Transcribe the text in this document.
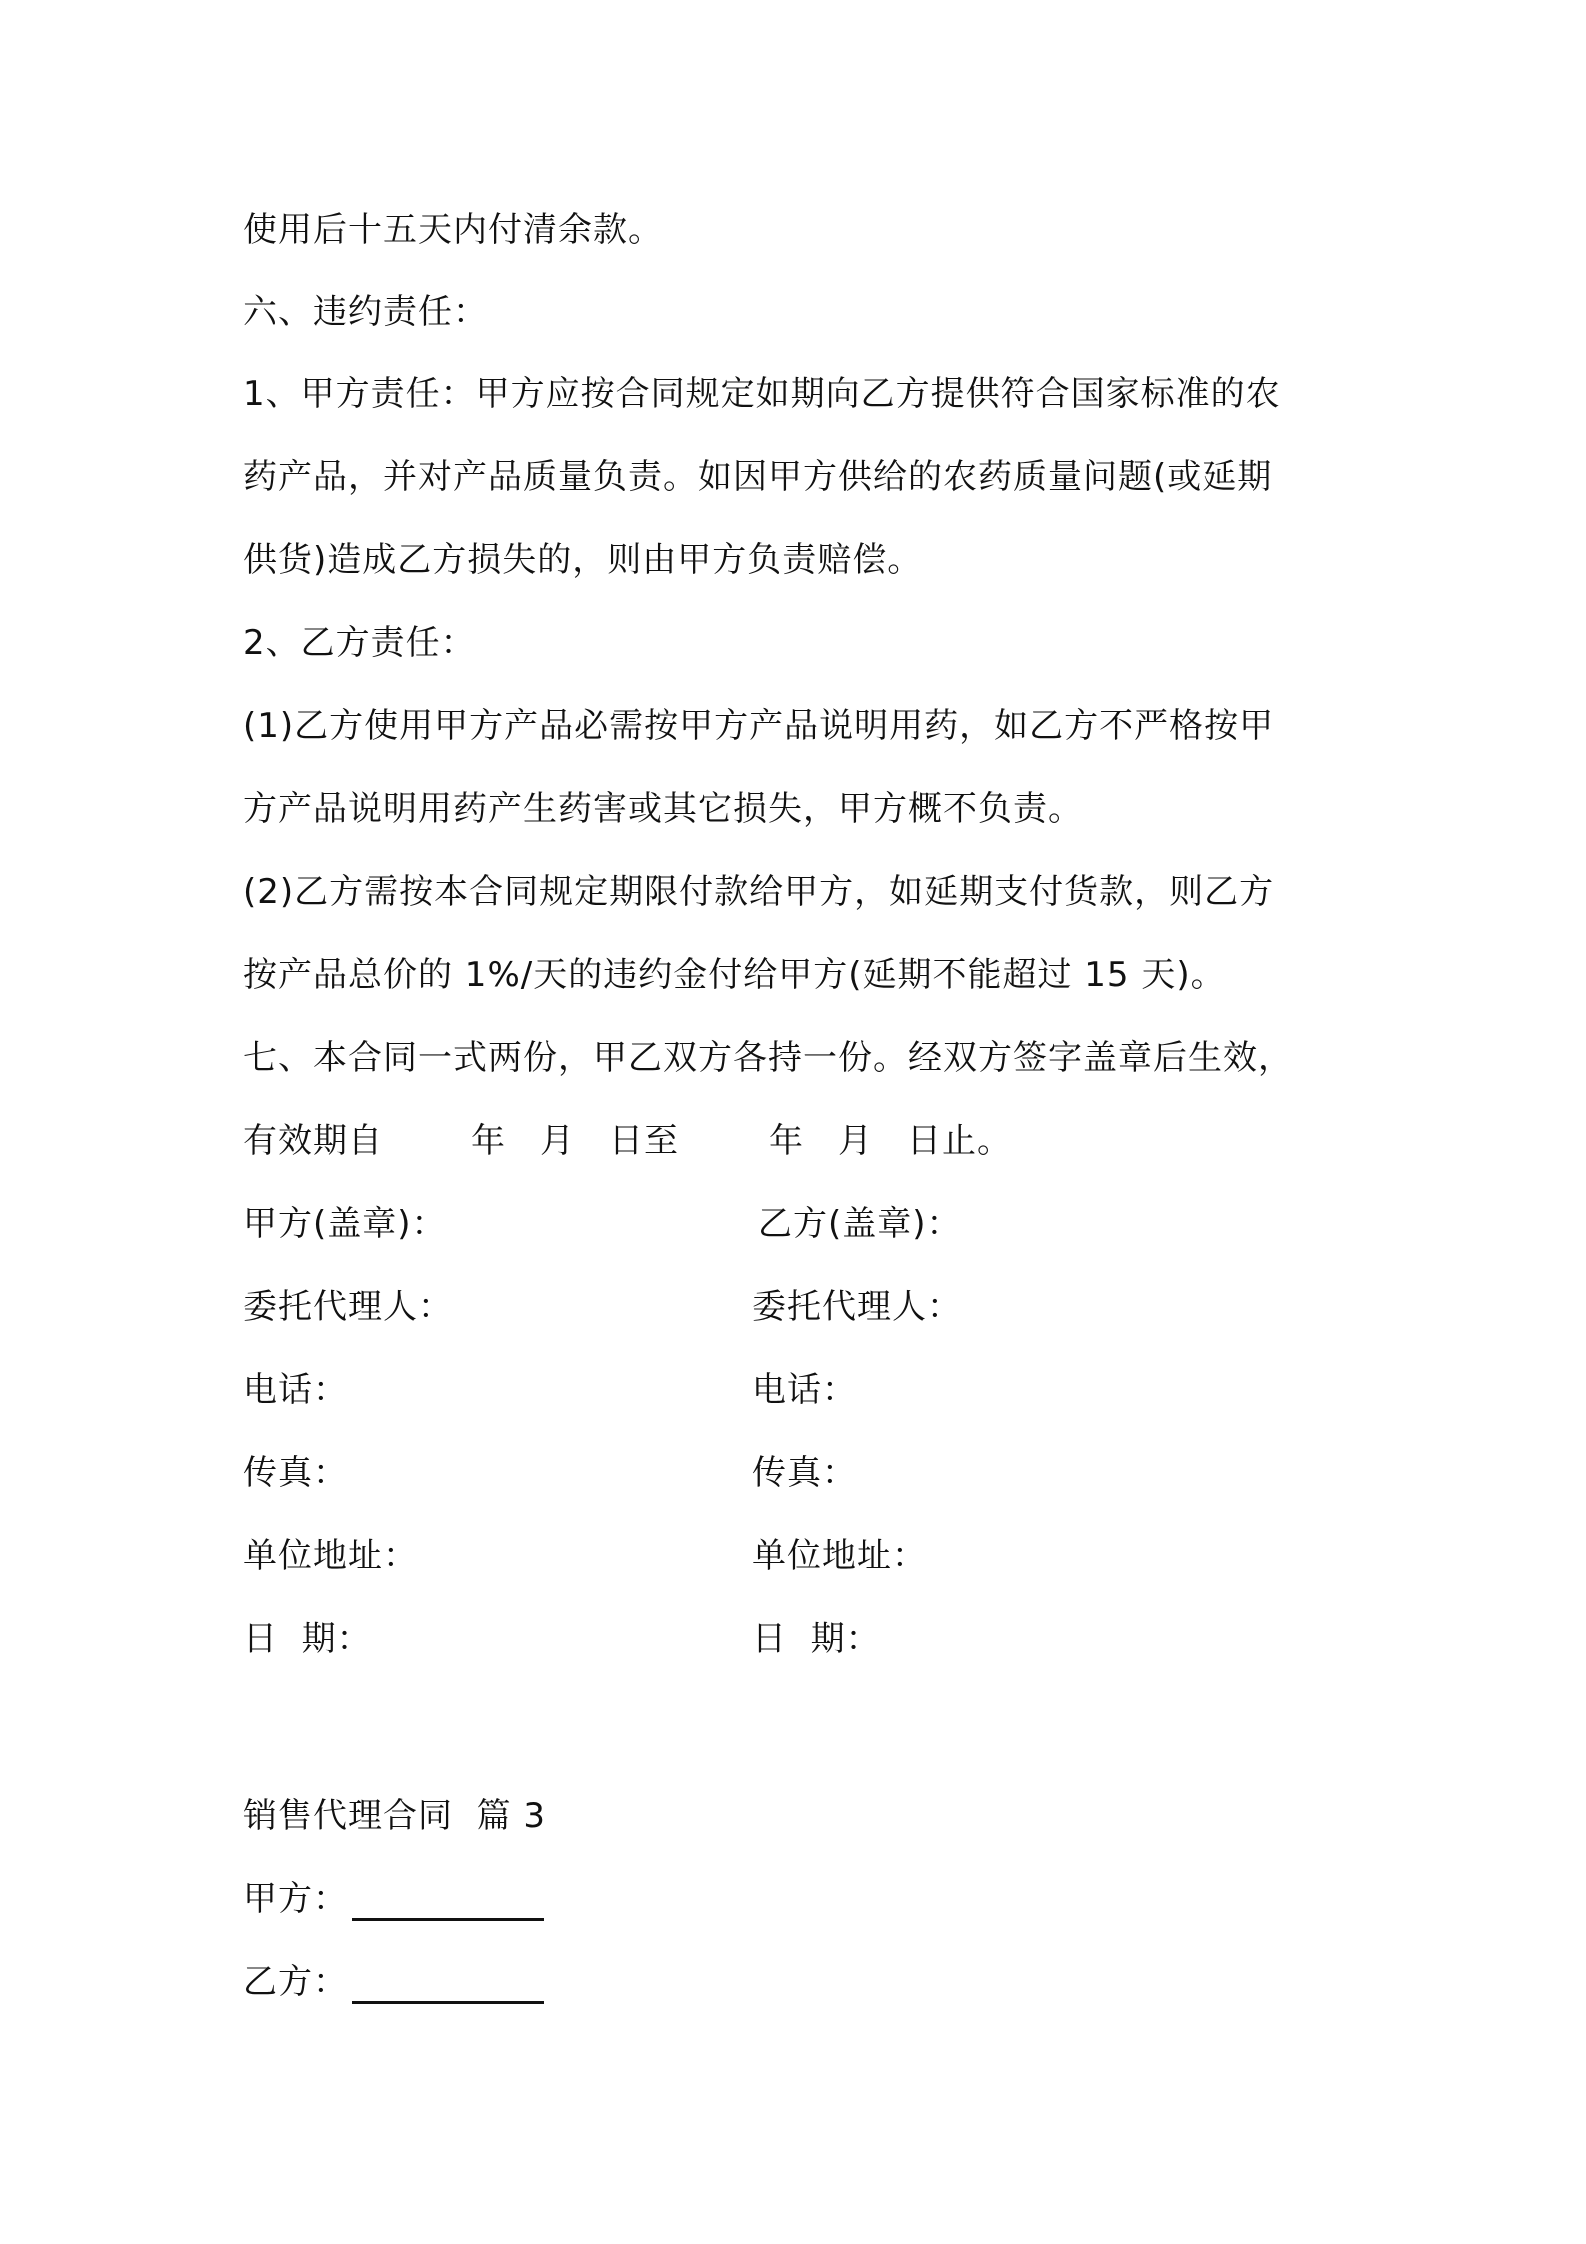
使用后十五天内付清余款。
六、违约责任：
1、甲方责任：甲方应按合同规定如期向乙方提供符合国家标准的农
药产品，并对产品质量负责。如因甲方供给的农药质量问题(或延期
供货)造成乙方损失的，则由甲方负责赔偿。
2、乙方责任：
(1)乙方使用甲方产品必需按甲方产品说明用药，如乙方不严格按甲
方产品说明用药产生药害或其它损失，甲方概不负责。
(2)乙方需按本合同规定期限付款给甲方，如延期支付货款，则乙方
按产品总价的 1%/天的违约金付给甲方(延期不能超过 15 天)。
七、本合同一式两份，甲乙双方各持一份。经双方签字盖章后生效，
有效期自	年 月 日至	年 月 日止。
甲方(盖章)：	乙方(盖章)：
委托代理人：	委托代理人：
电话：	电话：
传真：	传真：
单位地址：	单位地址：
日  期：	日  期：
销售代理合同  篇 3
甲方：
乙方：
